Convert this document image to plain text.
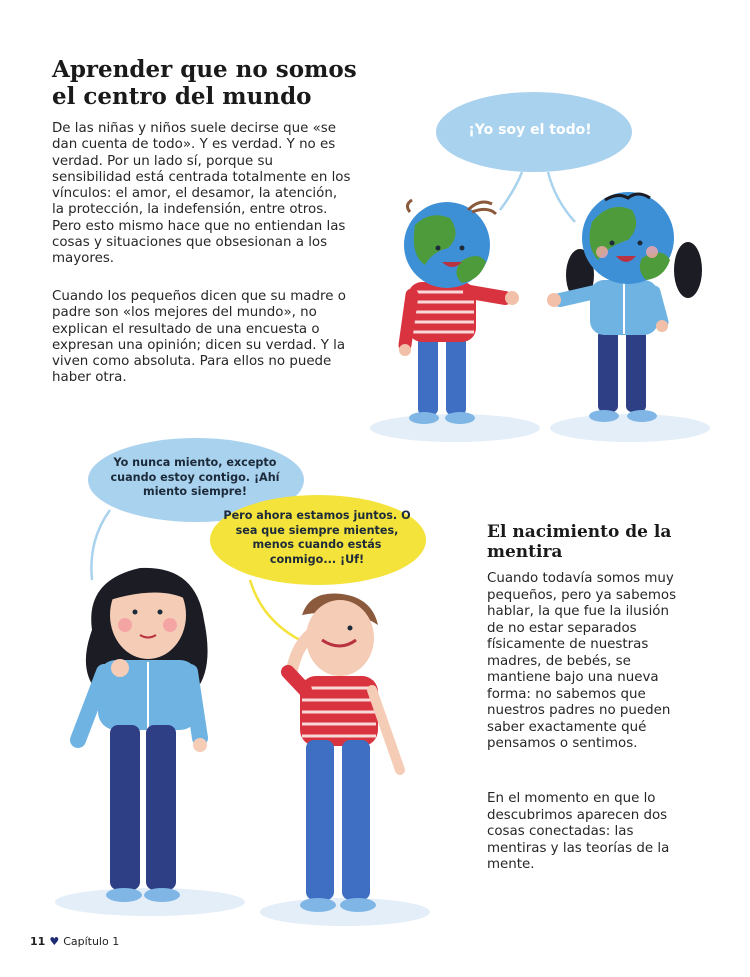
Aprender que no somos el centro del mundo

De las niñas y niños suele decirse que «se dan cuenta de todo». Y es verdad. Y no es verdad. Por un lado sí, porque su sensibilidad está centrada totalmente en los vínculos: el amor, el desamor, la atención, la protección, la indefensión, entre otros. Pero esto mismo hace que no entiendan las cosas y situaciones que obsesionan a los mayores.

Cuando los pequeños dicen que su madre o padre son «los mejores del mundo», no explican el resultado de una encuesta o expresan una opinión; dicen su verdad. Y la viven como absoluta. Para ellos no puede haber otra.

¡Yo soy el todo!

Yo nunca miento, excepto cuando estoy contigo. ¡Ahí miento siempre!

Pero ahora estamos juntos. O sea que siempre mientes, menos cuando estás conmigo... ¡Uf!

El nacimiento de la mentira

Cuando todavía somos muy pequeños, pero ya sabemos hablar, la que fue la ilusión de no estar separados físicamente de nuestras madres, de bebés, se mantiene bajo una nueva forma: no sabemos que nuestros padres no pueden saber exactamente qué pensamos o sentimos.

En el momento en que lo descubrimos aparecen dos cosas conectadas: las mentiras y las teorías de la mente.

11 ♥ Capítulo 1
